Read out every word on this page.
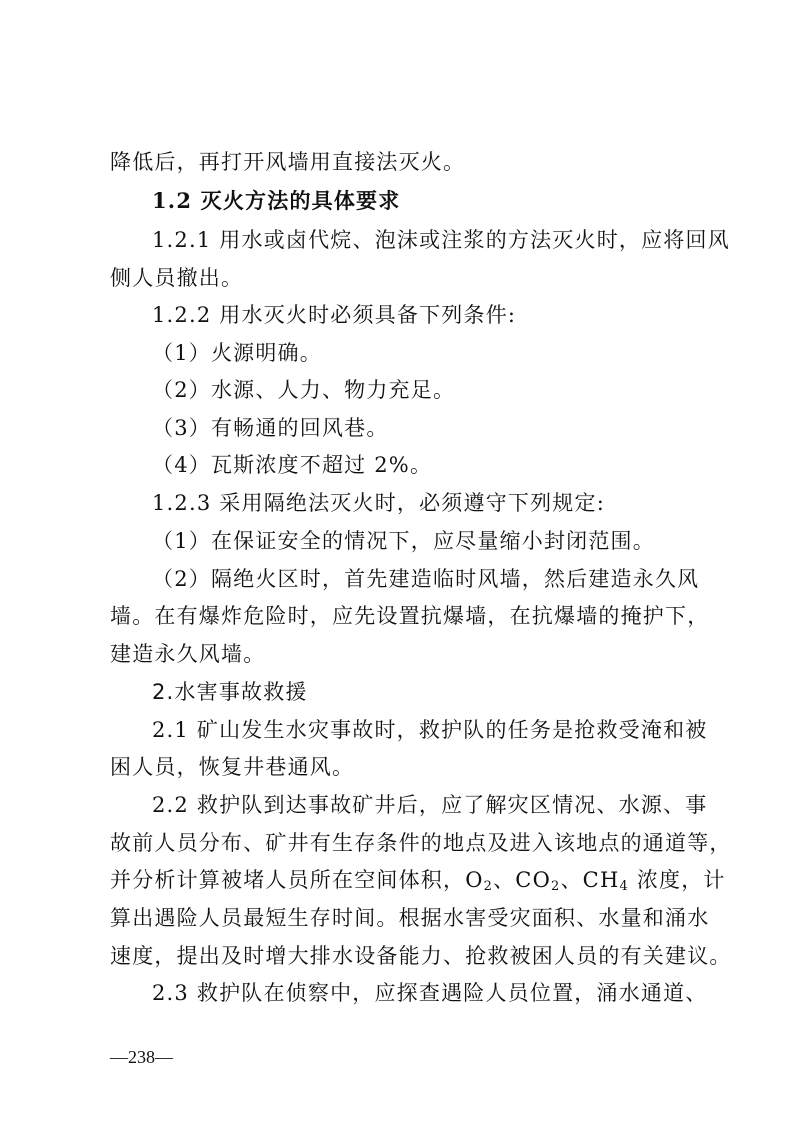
降低后，再打开风墙用直接法灭火。
1.2 灭火方法的具体要求
1.2.1 用水或卤代烷、泡沫或注浆的方法灭火时，应将回风
侧人员撤出。
1.2.2 用水灭火时必须具备下列条件:
（1）火源明确。
（2）水源、人力、物力充足。
（3）有畅通的回风巷。
（4）瓦斯浓度不超过 2%。
1.2.3 采用隔绝法灭火时，必须遵守下列规定:
（1）在保证安全的情况下，应尽量缩小封闭范围。
（2）隔绝火区时，首先建造临时风墙，然后建造永久风
墙。在有爆炸危险时，应先设置抗爆墙，在抗爆墙的掩护下，
建造永久风墙。
2.水害事故救援
2.1 矿山发生水灾事故时，救护队的任务是抢救受淹和被
困人员，恢复井巷通风。
2.2 救护队到达事故矿井后，应了解灾区情况、水源、事
故前人员分布、矿井有生存条件的地点及进入该地点的通道等，
并分析计算被堵人员所在空间体积，$O_2$、$CO_2$、$CH_4$ 浓度，计
算出遇险人员最短生存时间。根据水害受灾面积、水量和涌水
速度，提出及时增大排水设备能力、抢救被困人员的有关建议。
2.3 救护队在侦察中，应探查遇险人员位置，涌水通道、
—238—
